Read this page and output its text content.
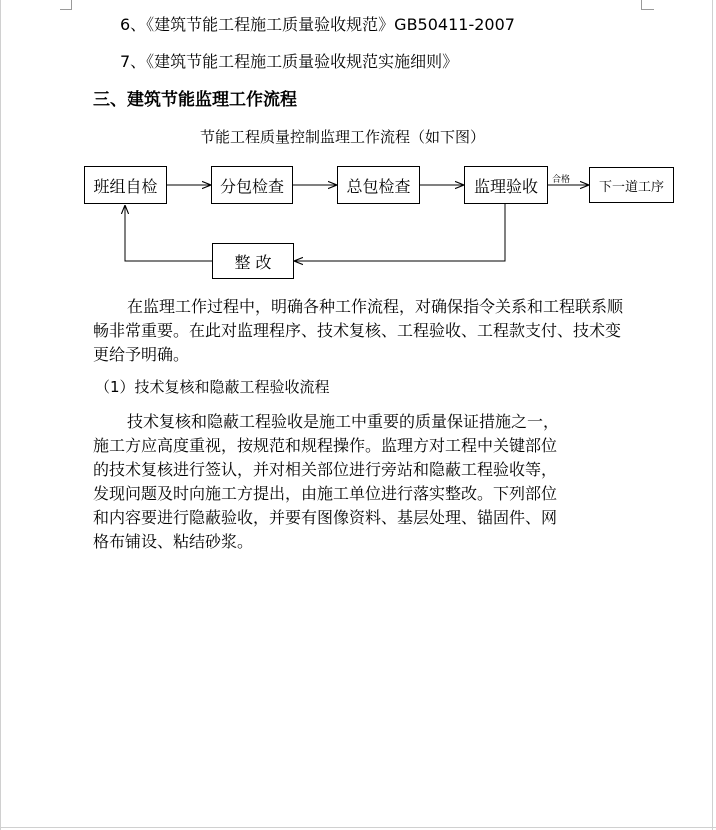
6、《建筑节能工程施工质量验收规范》GB50411-2007
7、《建筑节能工程施工质量验收规范实施细则》
三、建筑节能监理工作流程
节能工程质量控制监理工作流程（如下图）
班组自检	分包检查	总包检查	监理验收	下一道工序
整 改
合格
在监理工作过程中，明确各种工作流程，对确保指令关系和工程联系顺
畅非常重要。在此对监理程序、技术复核、工程验收、工程款支付、技术变
更给予明确。
（1）技术复核和隐蔽工程验收流程
技术复核和隐蔽工程验收是施工中重要的质量保证措施之一，
施工方应高度重视，按规范和规程操作。监理方对工程中关键部位
的技术复核进行签认，并对相关部位进行旁站和隐蔽工程验收等，
发现问题及时向施工方提出，由施工单位进行落实整改。下列部位
和内容要进行隐蔽验收，并要有图像资料、基层处理、锚固件、网
格布铺设、粘结砂浆。
